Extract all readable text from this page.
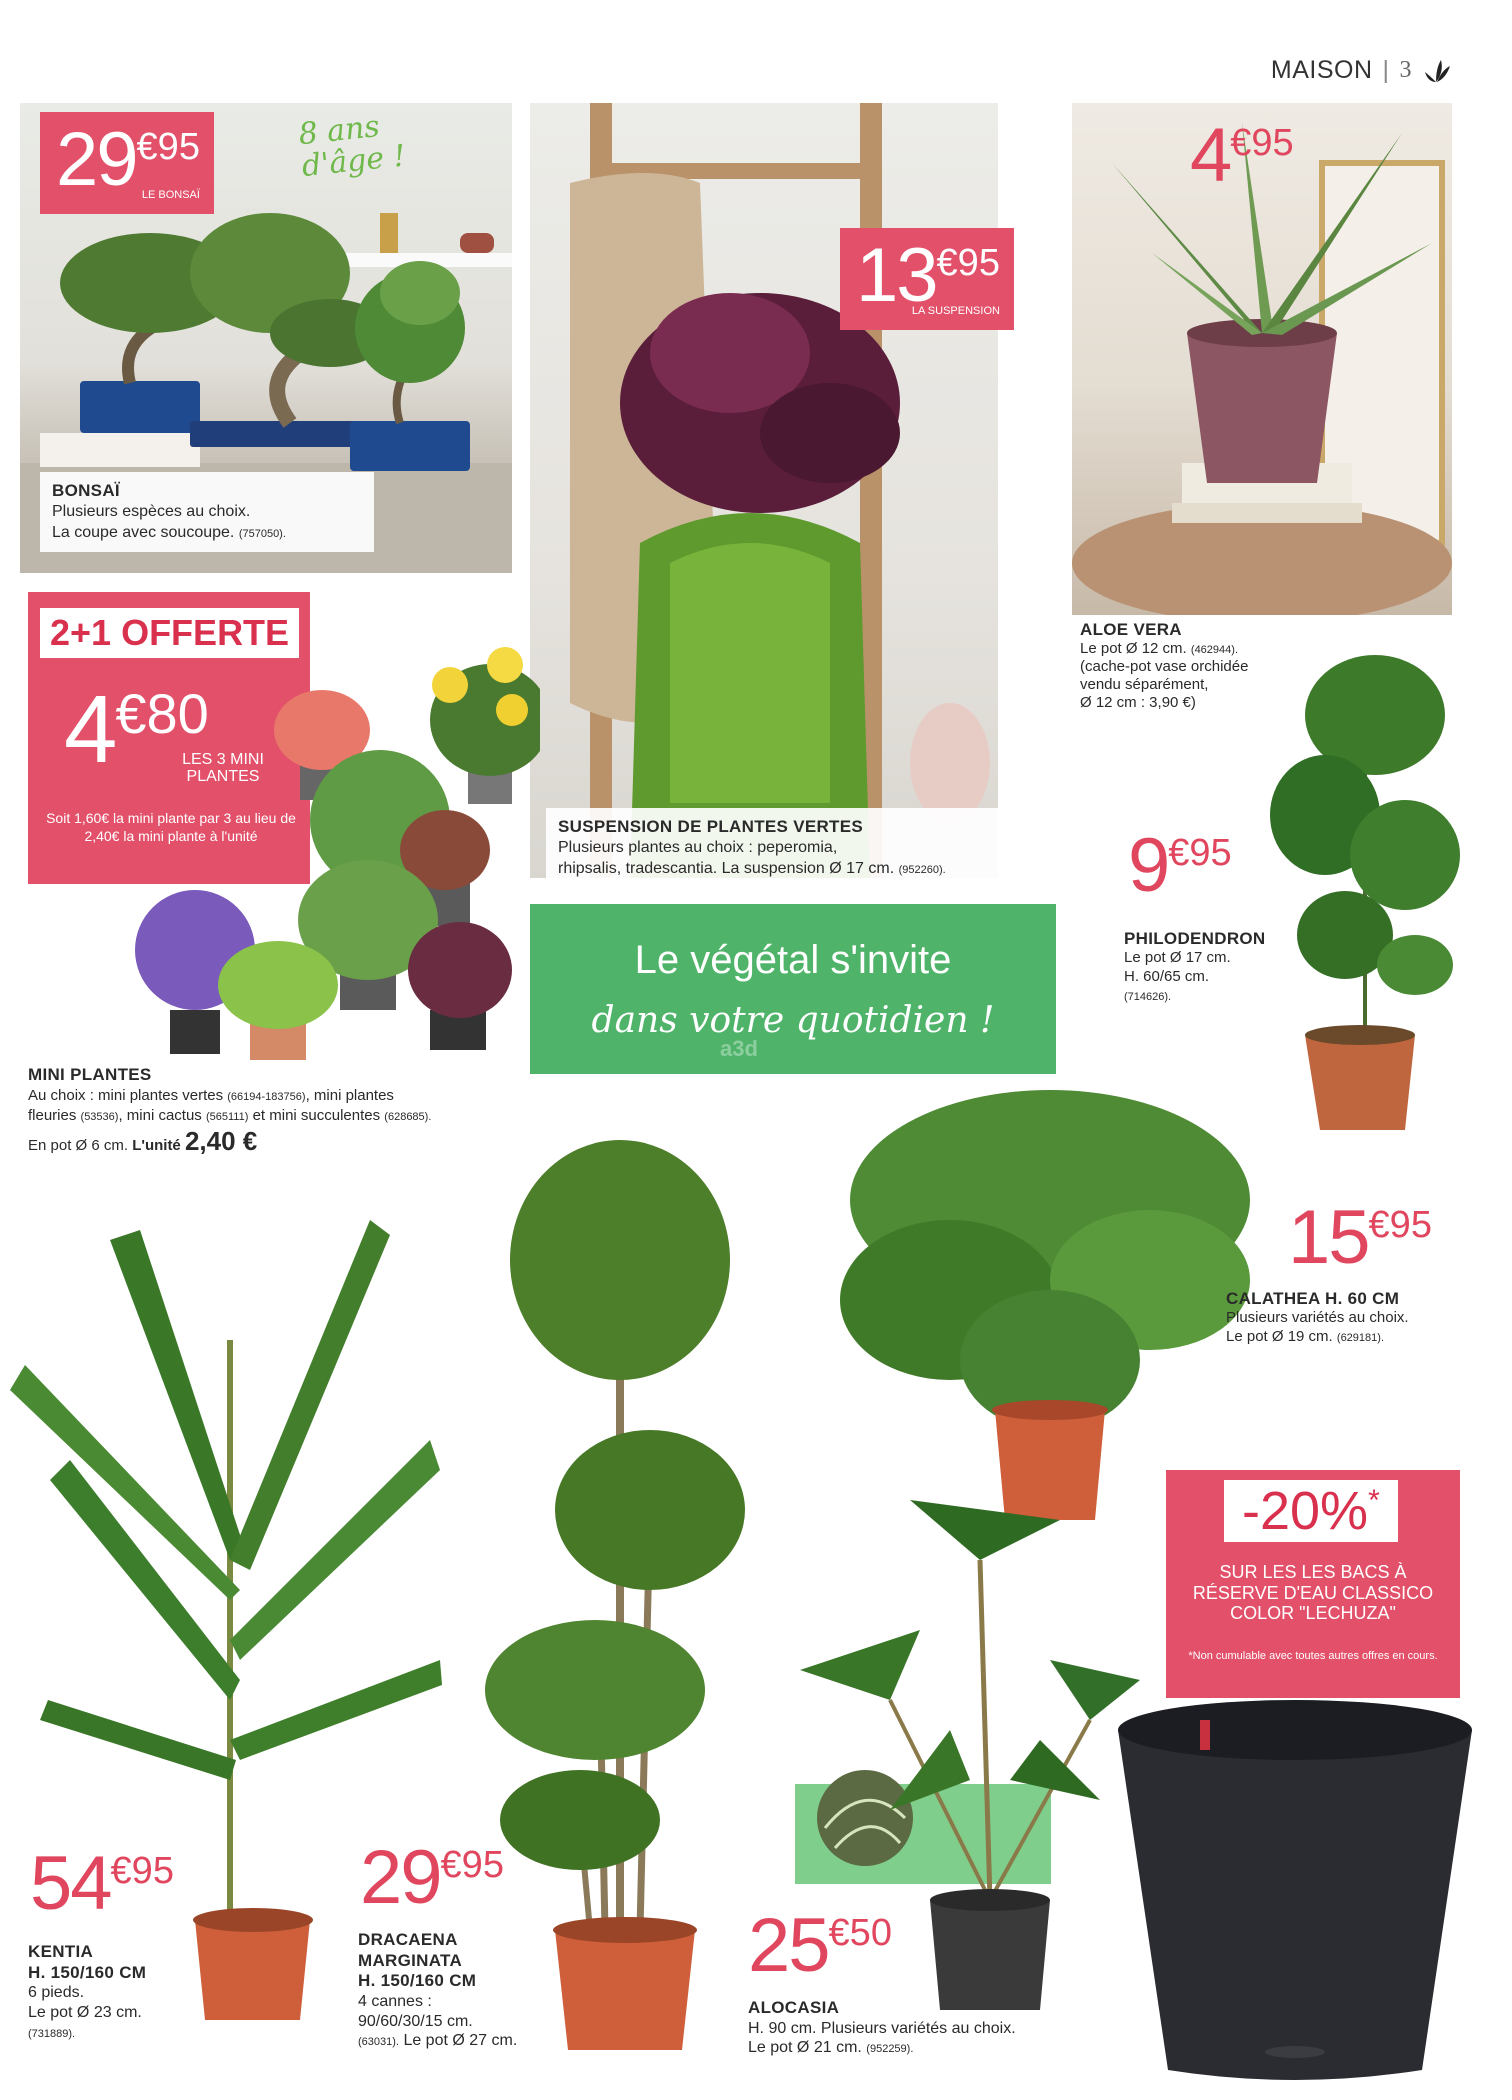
MAISON | 3
29 €95
LE BONSAÏ
8 ans d'âge !
BONSAÏ
Plusieurs espèces au choix.
La coupe avec soucoupe. (757050).
13 €95
LA SUSPENSION
SUSPENSION DE PLANTES VERTES
Plusieurs plantes au choix : peperomia,
rhipsalis, tradescantia. La suspension Ø 17 cm. (952260).
4 €95
ALOE VERA
Le pot Ø 12 cm. (462944).
(cache-pot vase orchidée
vendu séparément,
Ø 12 cm : 3,90 €)
2+1 OFFERTE
4 €80
LES 3 MINI PLANTES
Soit 1,60€ la mini plante par 3 au lieu de 2,40€ la mini plante à l'unité
MINI PLANTES
Au choix : mini plantes vertes (66194-183756), mini plantes
fleuries (53536), mini cactus (565111) et mini succulentes (628685).
En pot Ø 6 cm. L'unité 2,40 €
Le végétal s'invite
dans votre quotidien !
a3d
9 €95
PHILODENDRON
Le pot Ø 17 cm.
H. 60/65 cm.
(714626).
15 €95
CALATHEA H. 60 CM
Plusieurs variétés au choix.
Le pot Ø 19 cm. (629181).
-20%*
SUR LES LES BACS À RÉSERVE D'EAU CLASSICO COLOR "LECHUZA"
*Non cumulable avec toutes autres offres en cours.
54 €95
KENTIA
H. 150/160 CM
6 pieds.
Le pot Ø 23 cm.
(731889).
29 €95
DRACAENA
MARGINATA
H. 150/160 CM
4 cannes :
90/60/30/15 cm.
(63031). Le pot Ø 27 cm.
25 €50
ALOCASIA
H. 90 cm. Plusieurs variétés au choix.
Le pot Ø 21 cm. (952259).
